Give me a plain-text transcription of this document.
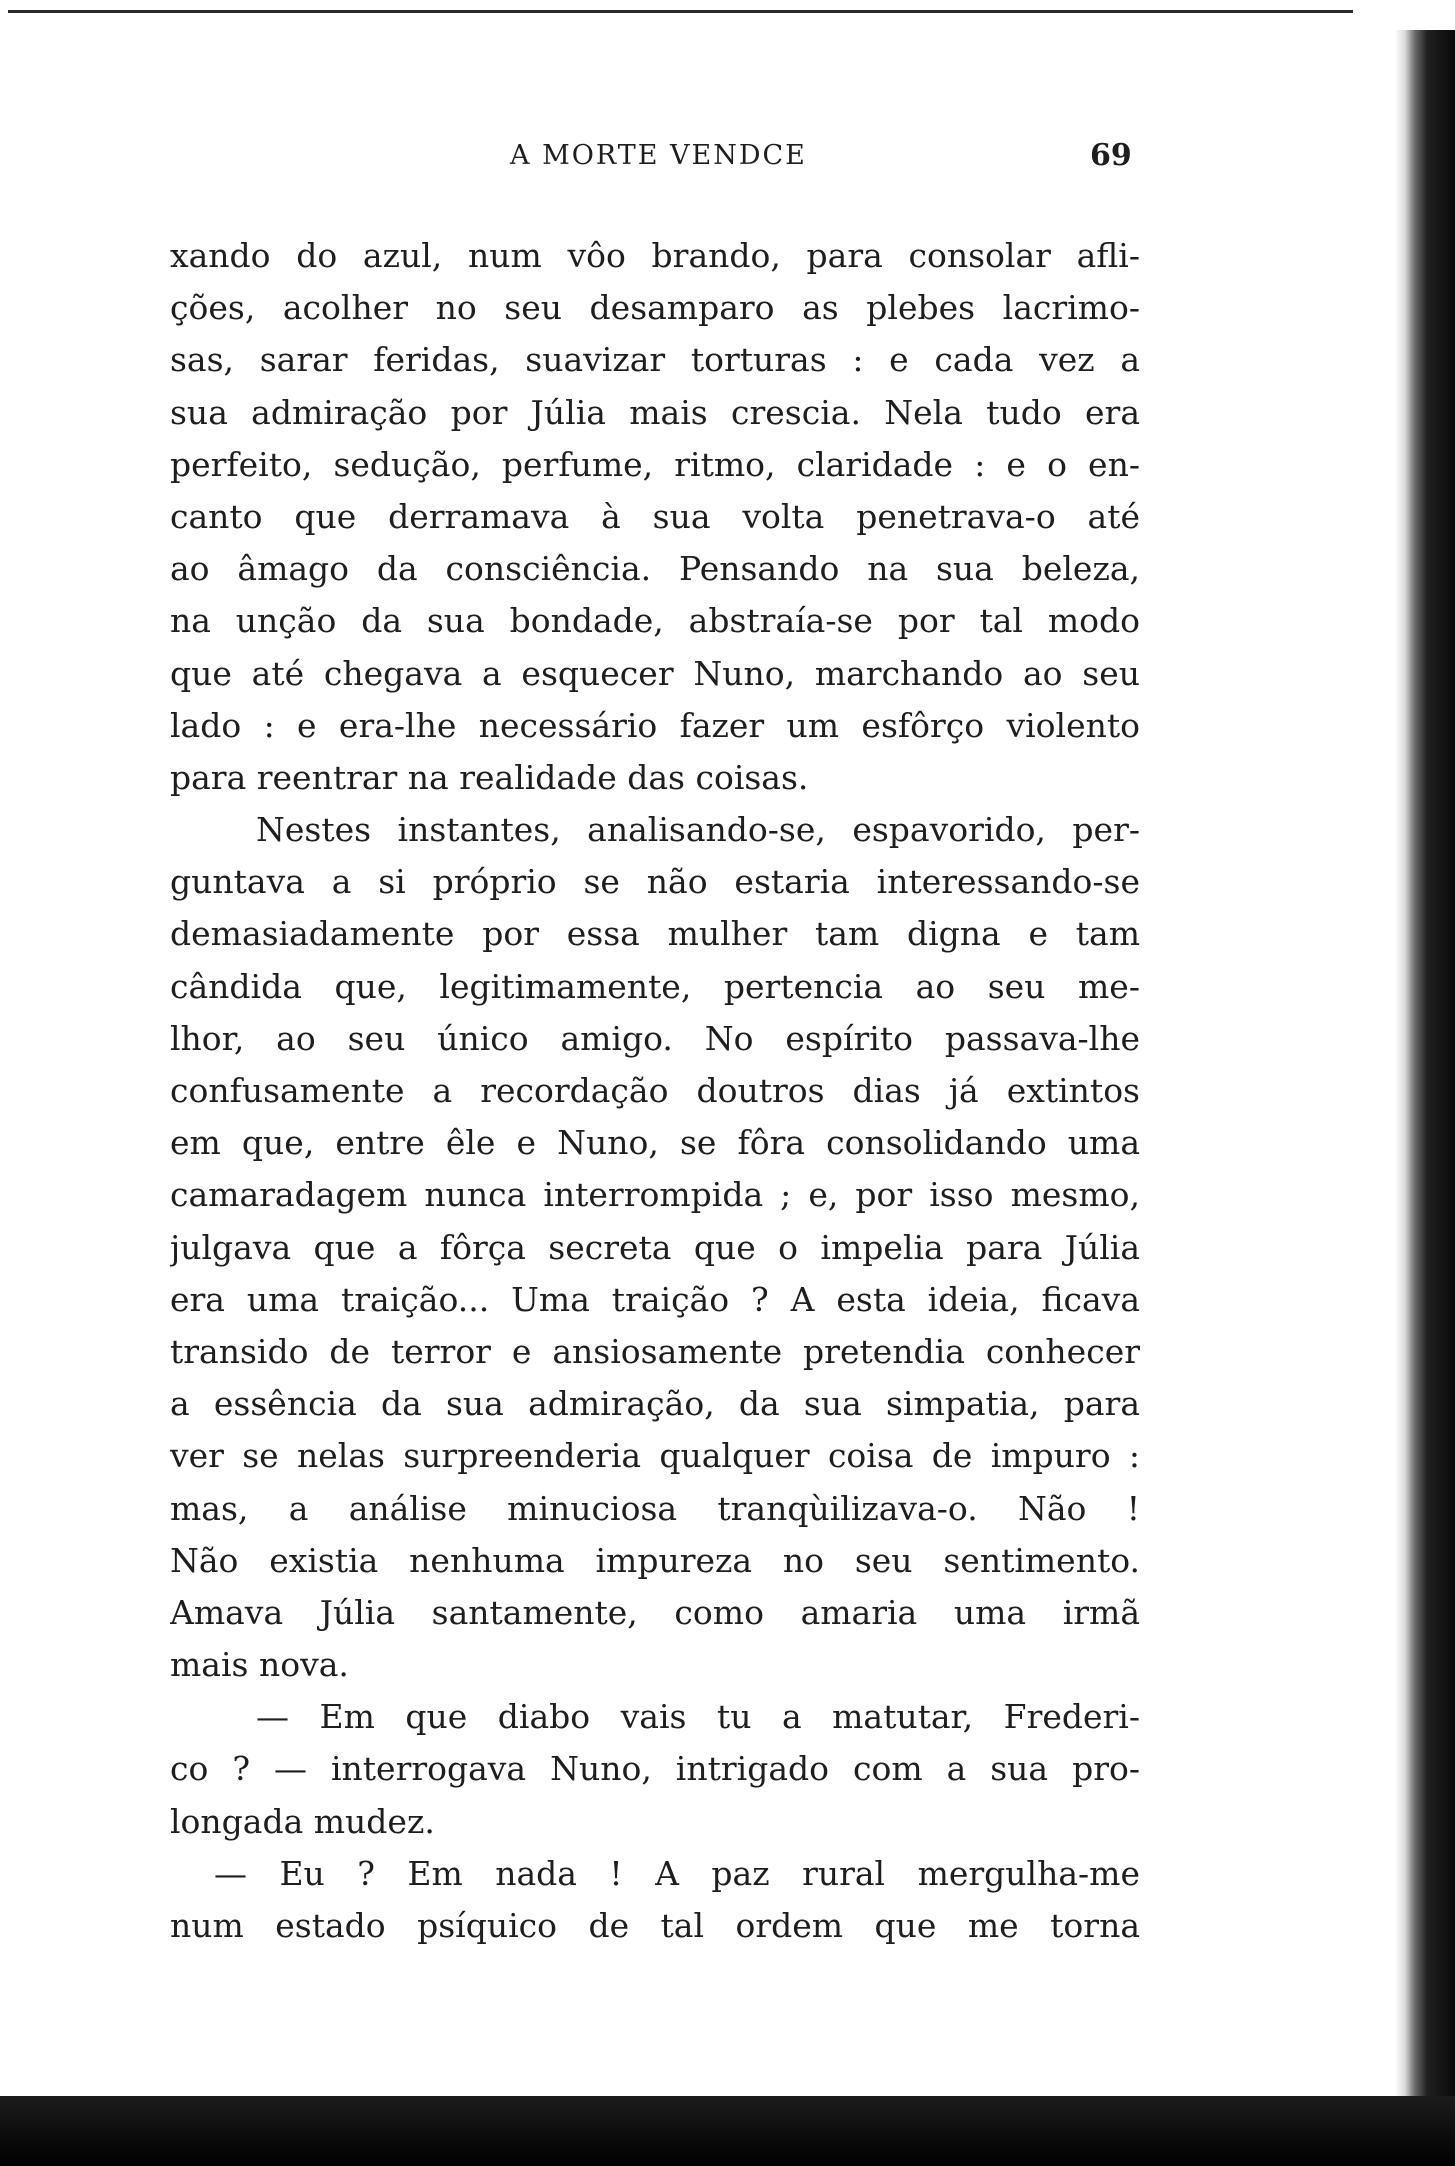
A MORTE VENDCE	69
xando do azul, num vôo brando, para consolar afli-
ções, acolher no seu desamparo as plebes lacrimo-
sas, sarar feridas, suavizar torturas : e cada vez a
sua admiração por Júlia mais crescia. Nela tudo era
perfeito, sedução, perfume, ritmo, claridade : e o en-
canto que derramava à sua volta penetrava-o até
ao âmago da consciência. Pensando na sua beleza,
na unção da sua bondade, abstraía-se por tal modo
que até chegava a esquecer Nuno, marchando ao seu
lado : e era-lhe necessário fazer um esfôrço violento
para reentrar na realidade das coisas.
Nestes instantes, analisando-se, espavorido, per-
guntava a si próprio se não estaria interessando-se
demasiadamente por essa mulher tam digna e tam
cândida que, legitimamente, pertencia ao seu me-
lhor, ao seu único amigo. No espírito passava-lhe
confusamente a recordação doutros dias já extintos
em que, entre êle e Nuno, se fôra consolidando uma
camaradagem nunca interrompida ; e, por isso mesmo,
julgava que a fôrça secreta que o impelia para Júlia
era uma traição... Uma traição ? A esta ideia, ficava
transido de terror e ansiosamente pretendia conhecer
a essência da sua admiração, da sua simpatia, para
ver se nelas surpreenderia qualquer coisa de impuro :
mas, a análise minuciosa tranqùilizava-o. Não !
Não existia nenhuma impureza no seu sentimento.
Amava Júlia santamente, como amaria uma irmã
mais nova.
— Em que diabo vais tu a matutar, Frederi-
co ? — interrogava Nuno, intrigado com a sua pro-
longada mudez.
— Eu ? Em nada ! A paz rural mergulha-me
num estado psíquico de tal ordem que me torna
